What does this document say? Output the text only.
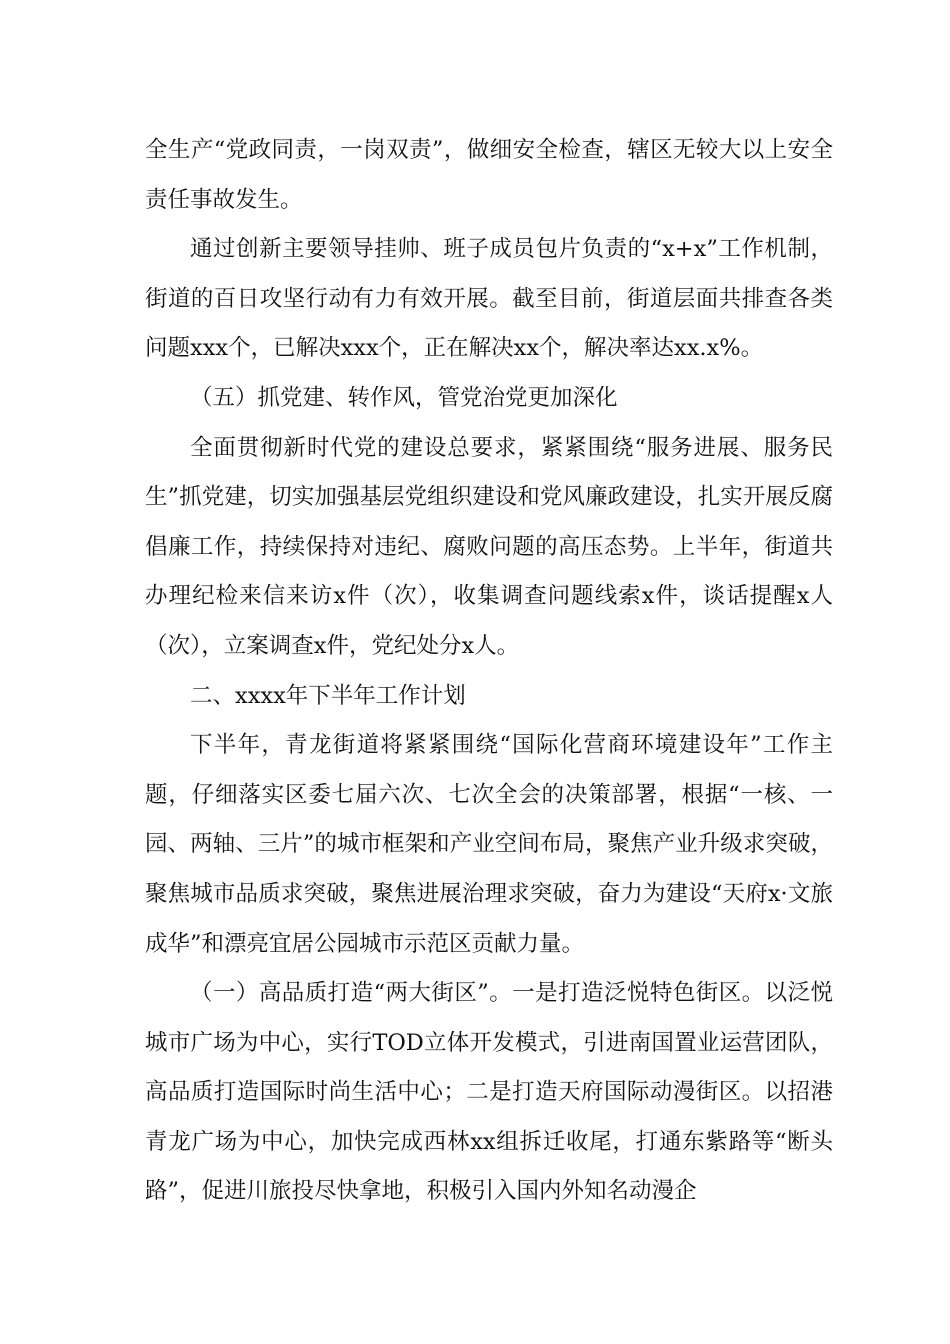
全生产“党政同责，一岗双责”，做细安全检查，辖区无较大以上安全责任事故发生。

通过创新主要领导挂帅、班子成员包片负责的“x+x”工作机制，街道的百日攻坚行动有力有效开展。截至目前，街道层面共排查各类问题xxx个，已解决xxx个，正在解决xx个，解决率达xx.x%。

（五）抓党建、转作风，管党治党更加深化

全面贯彻新时代党的建设总要求，紧紧围绕“服务进展、服务民生”抓党建，切实加强基层党组织建设和党风廉政建设，扎实开展反腐倡廉工作，持续保持对违纪、腐败问题的高压态势。上半年，街道共办理纪检来信来访x件（次），收集调查问题线索x件，谈话提醒x人（次），立案调查x件，党纪处分x人。

二、xxxx年下半年工作计划

下半年，青龙街道将紧紧围绕“国际化营商环境建设年”工作主题，仔细落实区委七届六次、七次全会的决策部署，根据“一核、一园、两轴、三片”的城市框架和产业空间布局，聚焦产业升级求突破，聚焦城市品质求突破，聚焦进展治理求突破，奋力为建设“天府x·文旅成华”和漂亮宜居公园城市示范区贡献力量。

（一）高品质打造“两大街区”。一是打造泛悦特色街区。以泛悦城市广场为中心，实行TOD立体开发模式，引进南国置业运营团队，高品质打造国际时尚生活中心；二是打造天府国际动漫街区。以招港青龙广场为中心，加快完成西林xx组拆迁收尾，打通东紫路等“断头路”，促进川旅投尽快拿地，积极引入国内外知名动漫企
